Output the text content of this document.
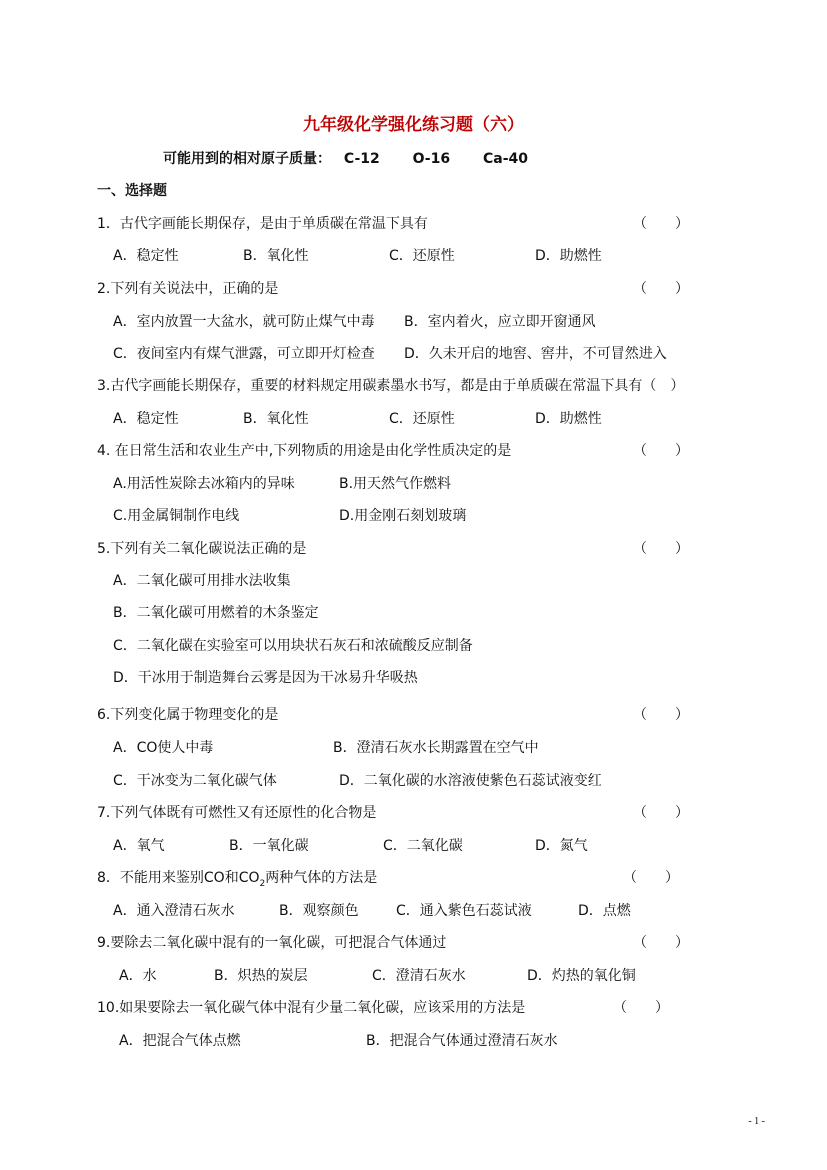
九年级化学强化练习题（六）
可能用到的相对原子质量： C-12 O-16 Ca-40
一、选择题
1．古代字画能长期保存，是由于单质碳在常温下具有	（　　）
A．稳定性	B．氧化性	C．还原性	D．助燃性
2.下列有关说法中，正确的是	（　　）
A．室内放置一大盆水，就可防止煤气中毒 B．室内着火，应立即开窗通风
C．夜间室内有煤气泄露，可立即开灯检查 D．久未开启的地窖、窖井，不可冒然进入
3.古代字画能长期保存，重要的材料规定用碳素墨水书写，都是由于单质碳在常温下具有（　）
A．稳定性	B．氧化性	C．还原性	D．助燃性
4. 在日常生活和农业生产中,下列物质的用途是由化学性质决定的是	（　　）
A.用活性炭除去冰箱内的异味	B.用天然气作燃料
C.用金属铜制作电线	D.用金刚石刻划玻璃
5.下列有关二氧化碳说法正确的是	（　　）
A．二氧化碳可用排水法收集
B．二氧化碳可用燃着的木条鉴定
C．二氧化碳在实验室可以用块状石灰石和浓硫酸反应制备
D．干冰用于制造舞台云雾是因为干冰易升华吸热
6.下列变化属于物理变化的是	（　　）
A．CO使人中毒	B．澄清石灰水长期露置在空气中
C．干冰变为二氧化碳气体	D．二氧化碳的水溶液使紫色石蕊试液变红
7.下列气体既有可燃性又有还原性的化合物是	（　　）
A．氧气	B．一氧化碳	C．二氧化碳	D．氮气
8．不能用来鉴别CO和$CO_2$两种气体的方法是	（　　）
A．通入澄清石灰水	B．观察颜色	C．通入紫色石蕊试液	D．点燃
9.要除去二氧化碳中混有的一氧化碳，可把混合气体通过	（　　）
A．水	B．炽热的炭层	C．澄清石灰水	D．灼热的氧化铜
10.如果要除去一氧化碳气体中混有少量二氧化碳，应该采用的方法是	（　　）
A．把混合气体点燃	B．把混合气体通过澄清石灰水
- 1 -
